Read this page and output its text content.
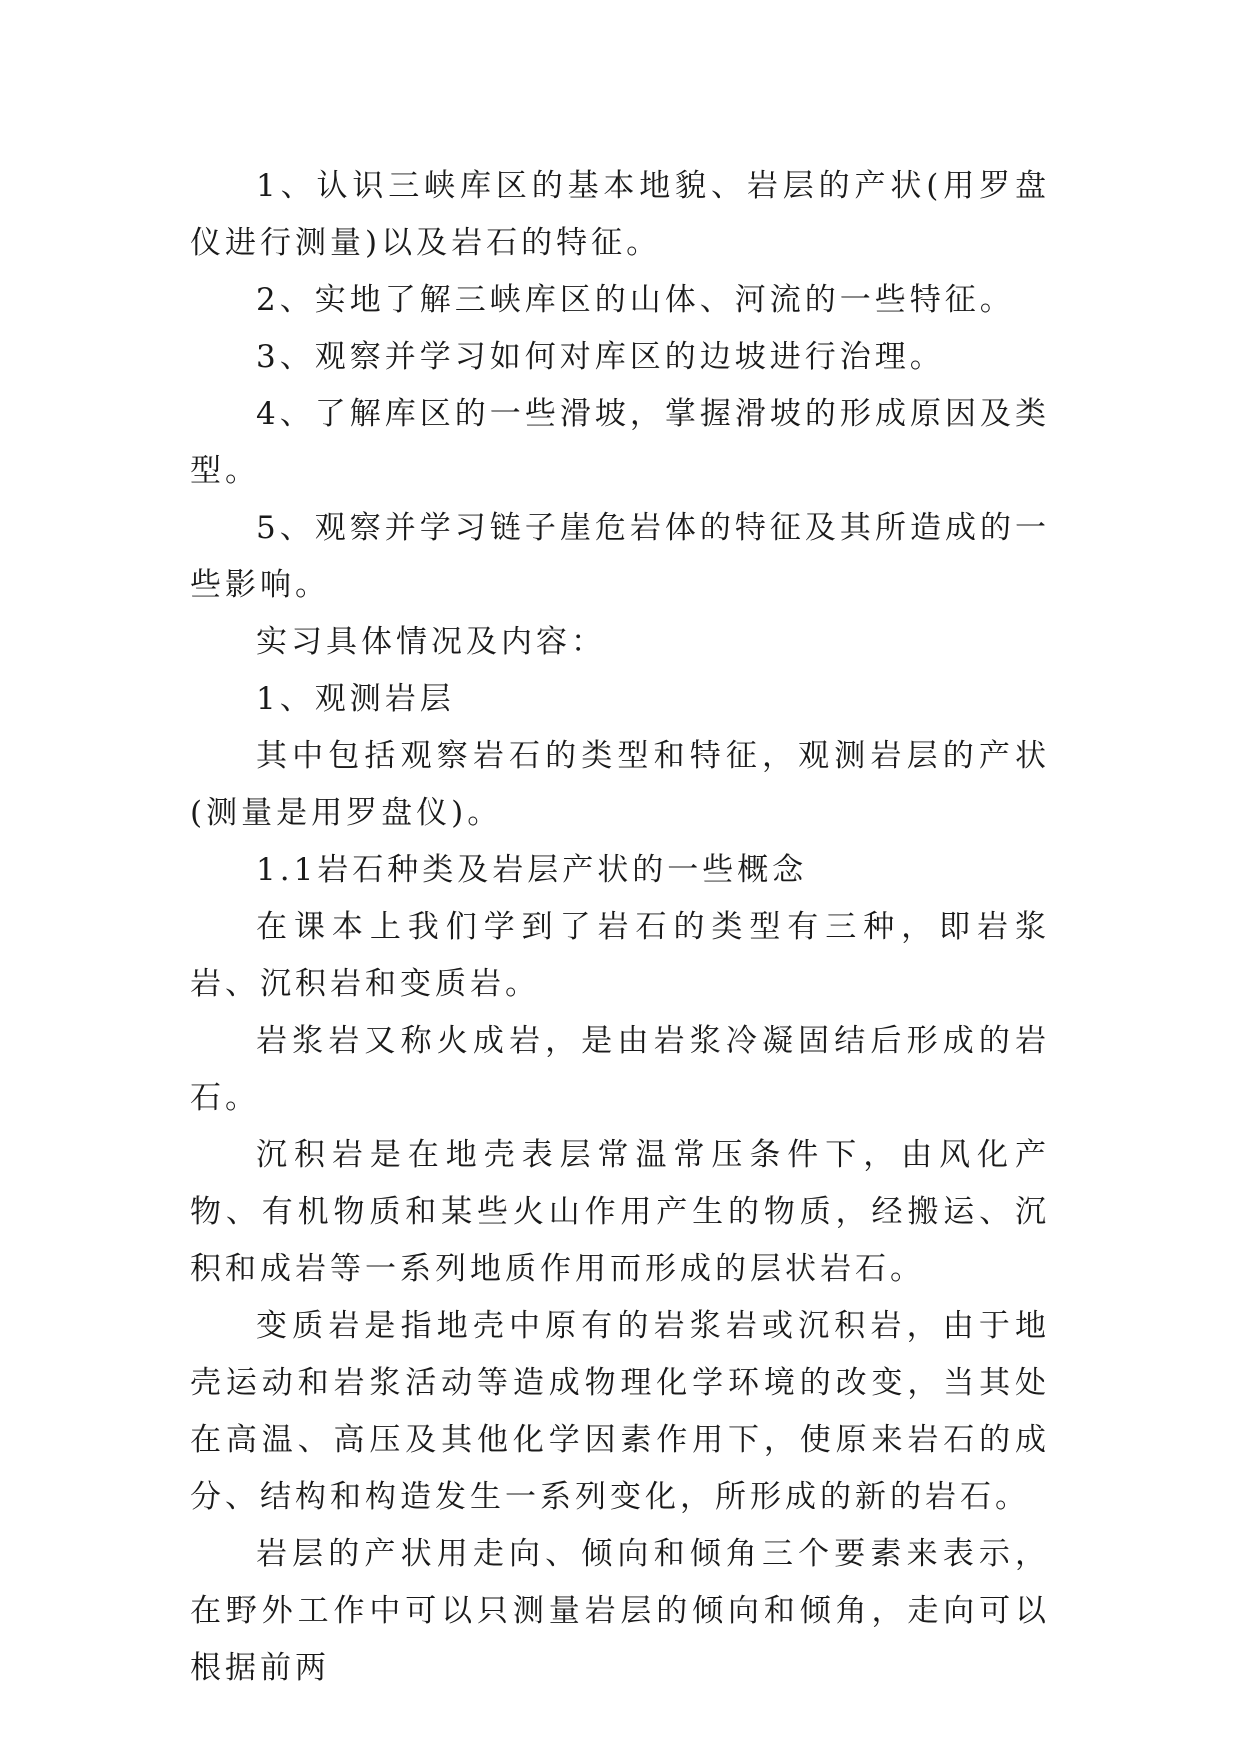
1、认识三峡库区的基本地貌、岩层的产状(用罗盘仪进行测量)以及岩石的特征。

2、实地了解三峡库区的山体、河流的一些特征。

3、观察并学习如何对库区的边坡进行治理。

4、了解库区的一些滑坡，掌握滑坡的形成原因及类型。

5、观察并学习链子崖危岩体的特征及其所造成的一些影响。

实习具体情况及内容：

1、观测岩层

其中包括观察岩石的类型和特征，观测岩层的产状(测量是用罗盘仪)。

1.1岩石种类及岩层产状的一些概念

在课本上我们学到了岩石的类型有三种，即岩浆岩、沉积岩和变质岩。

岩浆岩又称火成岩，是由岩浆冷凝固结后形成的岩石。

沉积岩是在地壳表层常温常压条件下，由风化产物、有机物质和某些火山作用产生的物质，经搬运、沉积和成岩等一系列地质作用而形成的层状岩石。

变质岩是指地壳中原有的岩浆岩或沉积岩，由于地壳运动和岩浆活动等造成物理化学环境的改变，当其处在高温、高压及其他化学因素作用下，使原来岩石的成分、结构和构造发生一系列变化，所形成的新的岩石。

岩层的产状用走向、倾向和倾角三个要素来表示，在野外工作中可以只测量岩层的倾向和倾角，走向可以根据前两
